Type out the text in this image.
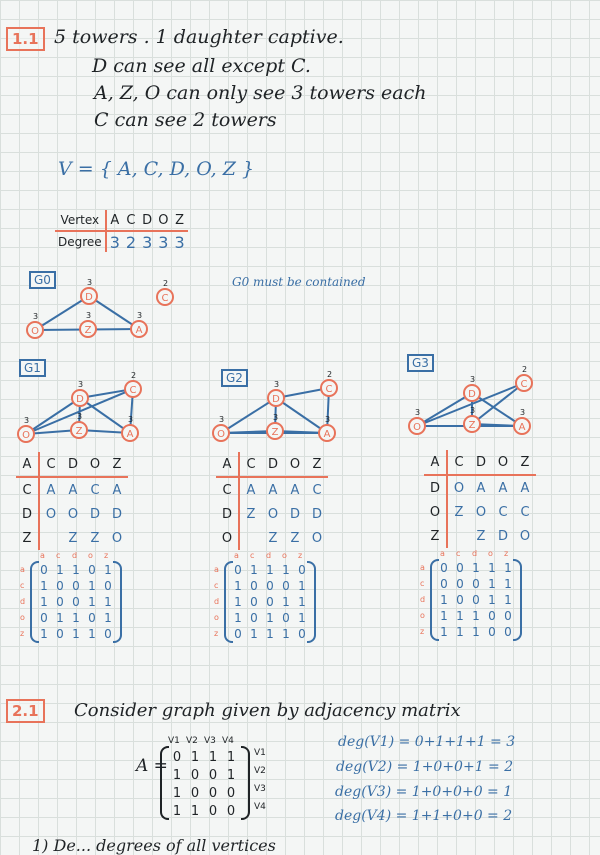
1.1 5 towers . 1 daughter captive.
D can see all except C.
A, Z, O can only see 3 towers each
C can see 2 towers
V = { A, C, D, O, Z }
Vertex	A	C	D	O	Z
Degree	3	2	3	3	3
G0	G0 must be contained
A
3
C
2
D
3
O
3
Z
3
A
3
C
2
D
3
O
3
Z
3
A
3
C
2
D
3
O
3
Z
3
A
3
C
2
D
3
O
3
Z
3
G1
G2
G3
A	C	D	O	Z
C	A	A	C	A
D	O	O	D	D
Z		Z	Z	O
A	C	D	O	Z
C	A	A	A	C
D	Z	O	D	D
O		Z	Z	O
A	C	D	O	Z
D	O	A	A	A
O	Z	O	C	C
Z		Z	D	O
0 1 1 0 1
1 0 0 1 0
1 0 0 1 1
0 1 1 0 1
1 0 1 1 0
a
a
c
c
d
d
o
o
z
z
0 1 1 1 0
1 0 0 0 1
1 0 0 1 1
1 0 1 0 1
0 1 1 1 0
a
a
c
c
d
d
o
o
z
z
0 0 1 1 1
0 0 0 1 1
1 0 0 1 1
1 1 1 0 0
1 1 1 0 0
a
a
c
c
d
d
o
o
z
z
2.1	Consider graph given by adjacency matrix
A = 0 1 1 1
1 0 0 1
1 0 0 0
1 1 0 0
V1 V2 V3 V4
V1
V2
V3
V4
deg(V1) = 0+1+1+1 = 3
deg(V2) = 1+0+0+1 = 2
deg(V3) = 1+0+0+0 = 1
deg(V4) = 1+1+0+0 = 2
1) De... degrees of all vertices
